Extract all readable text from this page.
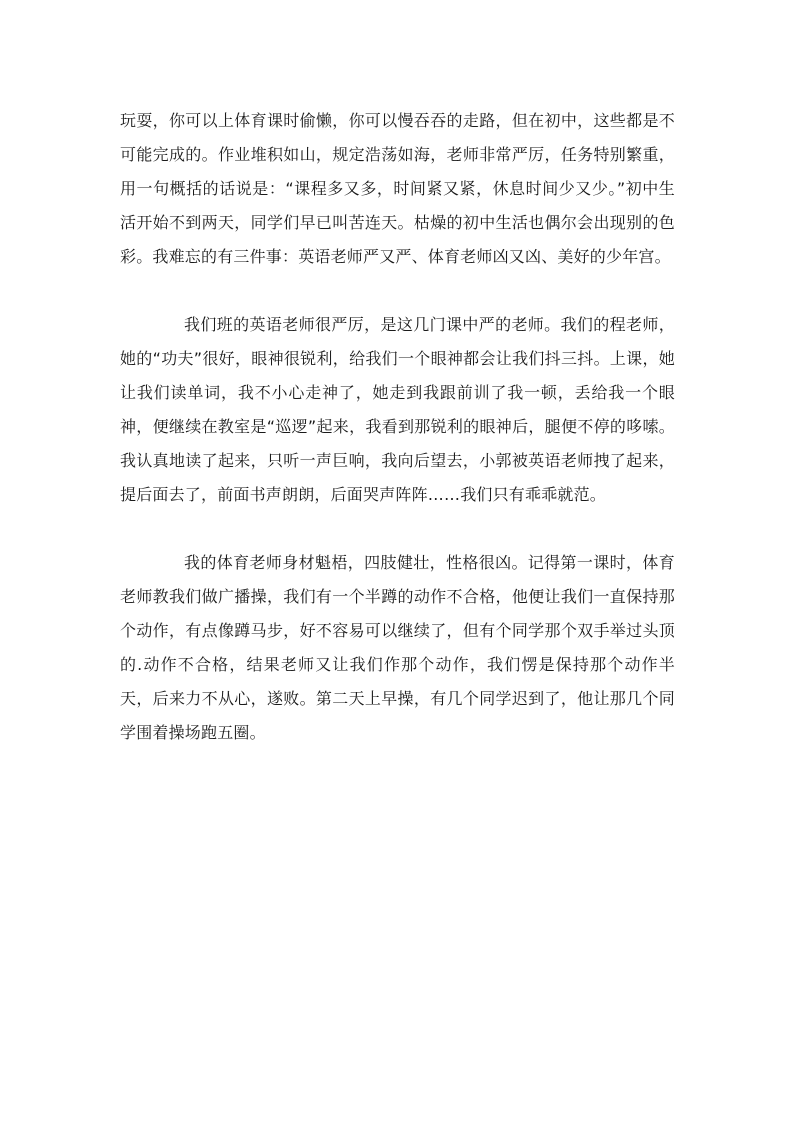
玩耍，你可以上体育课时偷懒，你可以慢吞吞的走路，但在初中，这些都是不可能完成的。作业堆积如山，规定浩荡如海，老师非常严厉，任务特别繁重，用一句概括的话说是：“课程多又多，时间紧又紧，休息时间少又少。”初中生活开始不到两天，同学们早已叫苦连天。枯燥的初中生活也偶尔会出现别的色彩。我难忘的有三件事：英语老师严又严、体育老师凶又凶、美好的少年宫。

我们班的英语老师很严厉，是这几门课中严的老师。我们的程老师，她的“功夫”很好，眼神很锐利，给我们一个眼神都会让我们抖三抖。上课，她让我们读单词，我不小心走神了，她走到我跟前训了我一顿，丢给我一个眼神，便继续在教室是“巡逻”起来，我看到那锐利的眼神后，腿便不停的哆嗦。我认真地读了起来，只听一声巨响，我向后望去，小郭被英语老师拽了起来，提后面去了，前面书声朗朗，后面哭声阵阵……我们只有乖乖就范。

我的体育老师身材魁梧，四肢健壮，性格很凶。记得第一课时，体育老师教我们做广播操，我们有一个半蹲的动作不合格，他便让我们一直保持那个动作，有点像蹲马步，好不容易可以继续了，但有个同学那个双手举过头顶的.动作不合格，结果老师又让我们作那个动作，我们愣是保持那个动作半天，后来力不从心，遂败。第二天上早操，有几个同学迟到了，他让那几个同学围着操场跑五圈。
